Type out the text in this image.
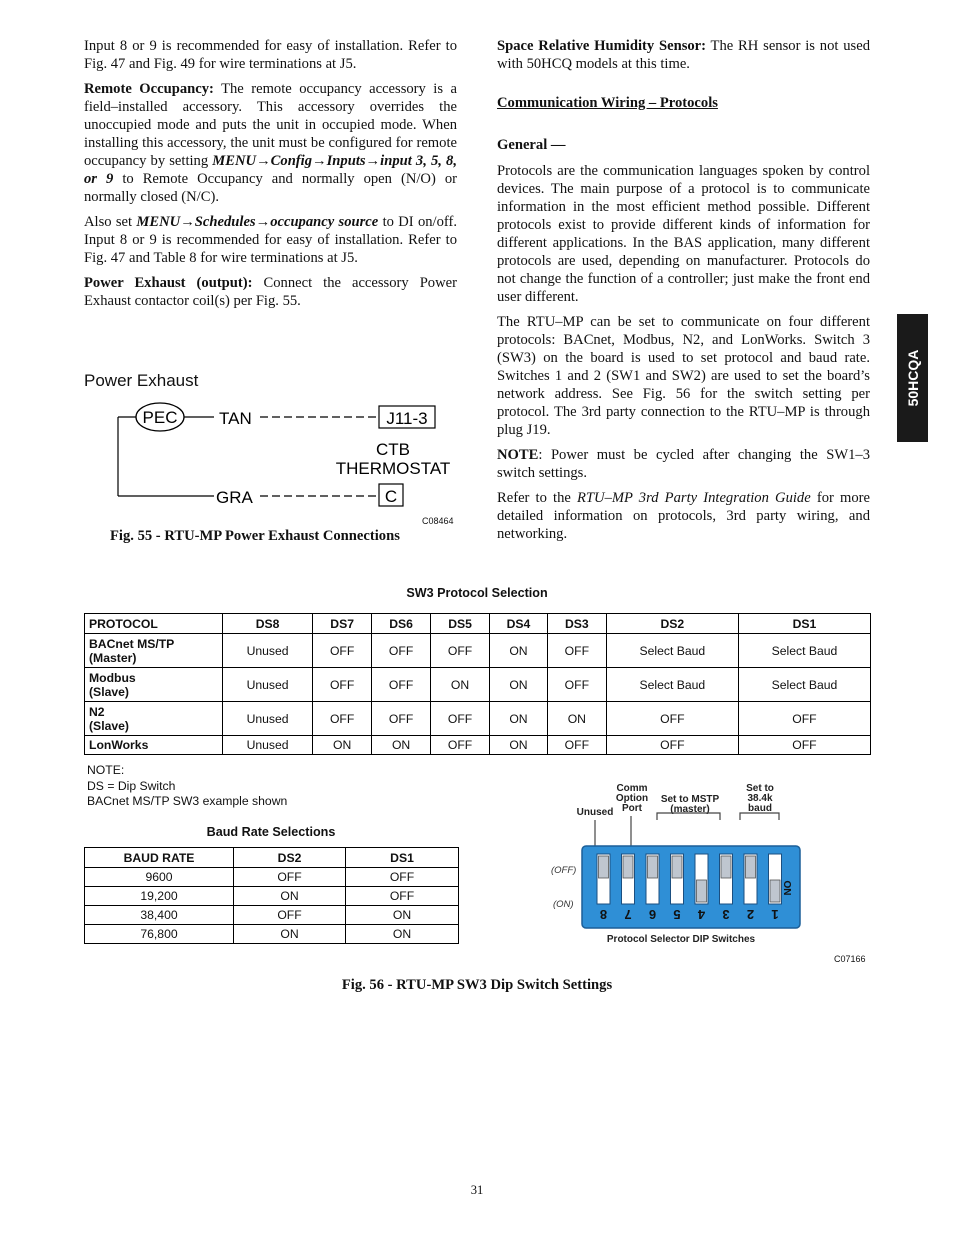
50HCQA

Input 8 or 9 is recommended for easy of installation. Refer to Fig. 47 and Fig. 49 for wire terminations at J5.

Remote Occupancy: The remote occupancy accessory is a field–installed accessory. This accessory overrides the unoccupied mode and puts the unit in occupied mode. When installing this accessory, the unit must be configured for remote occupancy by setting MENU→Config→Inputs→input 3, 5, 8, or 9 to Remote Occupancy and normally open (N/O) or normally closed (N/C).

Also set MENU→Schedules→occupancy source to DI on/off. Input 8 or 9 is recommended for easy of installation. Refer to Fig. 47 and Table 8 for wire terminations at J5.

Power Exhaust (output): Connect the accessory Power Exhaust contactor coil(s) per Fig. 55.

Power Exhaust
PEC TAN	J11-3
CTB
THERMOSTAT
GRA	C
C08464
Fig. 55 - RTU-MP Power Exhaust Connections

Space Relative Humidity Sensor: The RH sensor is not used with 50HCQ models at this time.

Communication Wiring – Protocols

General —

Protocols are the communication languages spoken by control devices. The main purpose of a protocol is to communicate information in the most efficient method possible. Different protocols exist to provide different kinds of information for different applications. In the BAS application, many different protocols are used, depending on manufacturer. Protocols do not change the function of a controller; just make the front end user different.

The RTU–MP can be set to communicate on four different protocols: BACnet, Modbus, N2, and LonWorks. Switch 3 (SW3) on the board is used to set protocol and baud rate. Switches 1 and 2 (SW1 and SW2) are used to set the board’s network address. See Fig. 56 for the switch setting per protocol. The 3rd party connection to the RTU–MP is through plug J19.

NOTE: Power must be cycled after changing the SW1–3 switch settings.

Refer to the RTU–MP 3rd Party Integration Guide for more detailed information on protocols, 3rd party wiring, and networking.

SW3 Protocol Selection
PROTOCOL	DS8	DS7	DS6	DS5	DS4	DS3	DS2	DS1
BACnet MS/TP
(Master)	Unused	OFF	OFF	OFF	ON	OFF	Select Baud	Select Baud
Modbus
(Slave)	Unused	OFF	OFF	ON	ON	OFF	Select Baud	Select Baud
N2
(Slave)	Unused	OFF	OFF	OFF	ON	ON	OFF	OFF
LonWorks	Unused	ON	ON	OFF	ON	OFF	OFF	OFF
NOTE:
DS = Dip Switch
BACnet MS/TP SW3 example shown
Baud Rate Selections
BAUD RATE	DS2	DS1
9600	OFF	OFF
19,200	ON	OFF
38,400	OFF	ON
76,800	ON	ON
Unused
Comm
Option
Port
Set to MSTP
(master)
Set to
38.4k
baud
(OFF)
(ON)
8 7 6 5 4 3 2 1
ON
Protocol Selector DIP Switches
C07166
Fig. 56 - RTU-MP SW3 Dip Switch Settings
31
